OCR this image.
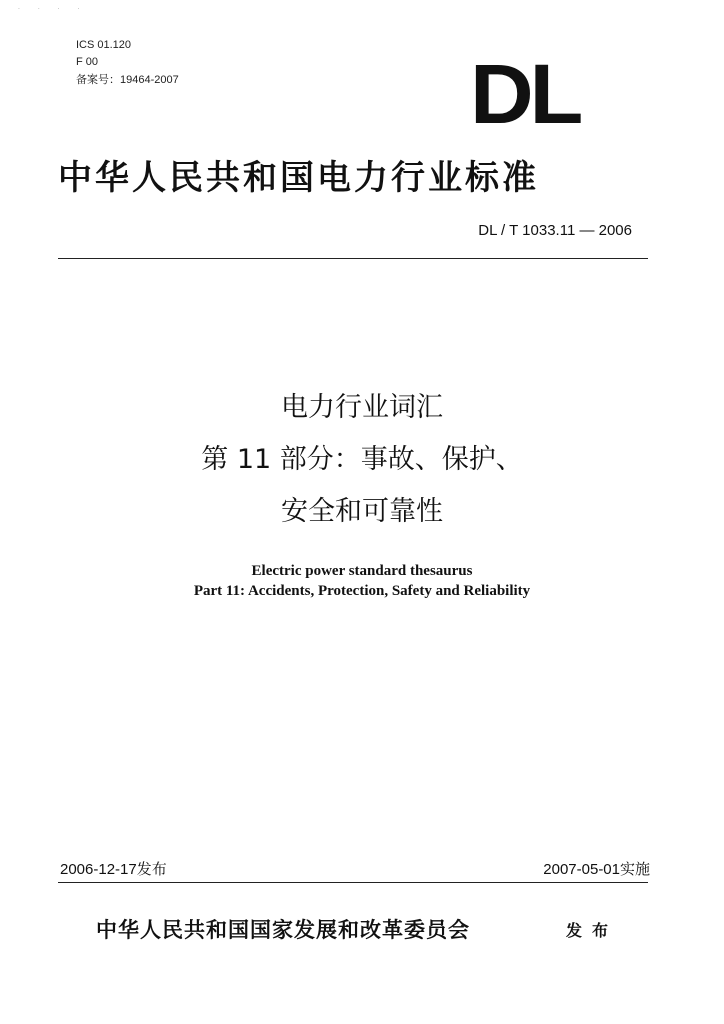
· · · ·
ICS 01.120
F 00
备案号：19464-2007	DL
中华人民共和国电力行业标准
DL / T 1033.11 — 2006
电力行业词汇
第 11 部分：事故、保护、
安全和可靠性
Electric power standard thesaurus
Part 11: Accidents, Protection, Safety and Reliability
2006-12-17发布	2007-05-01实施
中华人民共和国国家发展和改革委员会	发布
